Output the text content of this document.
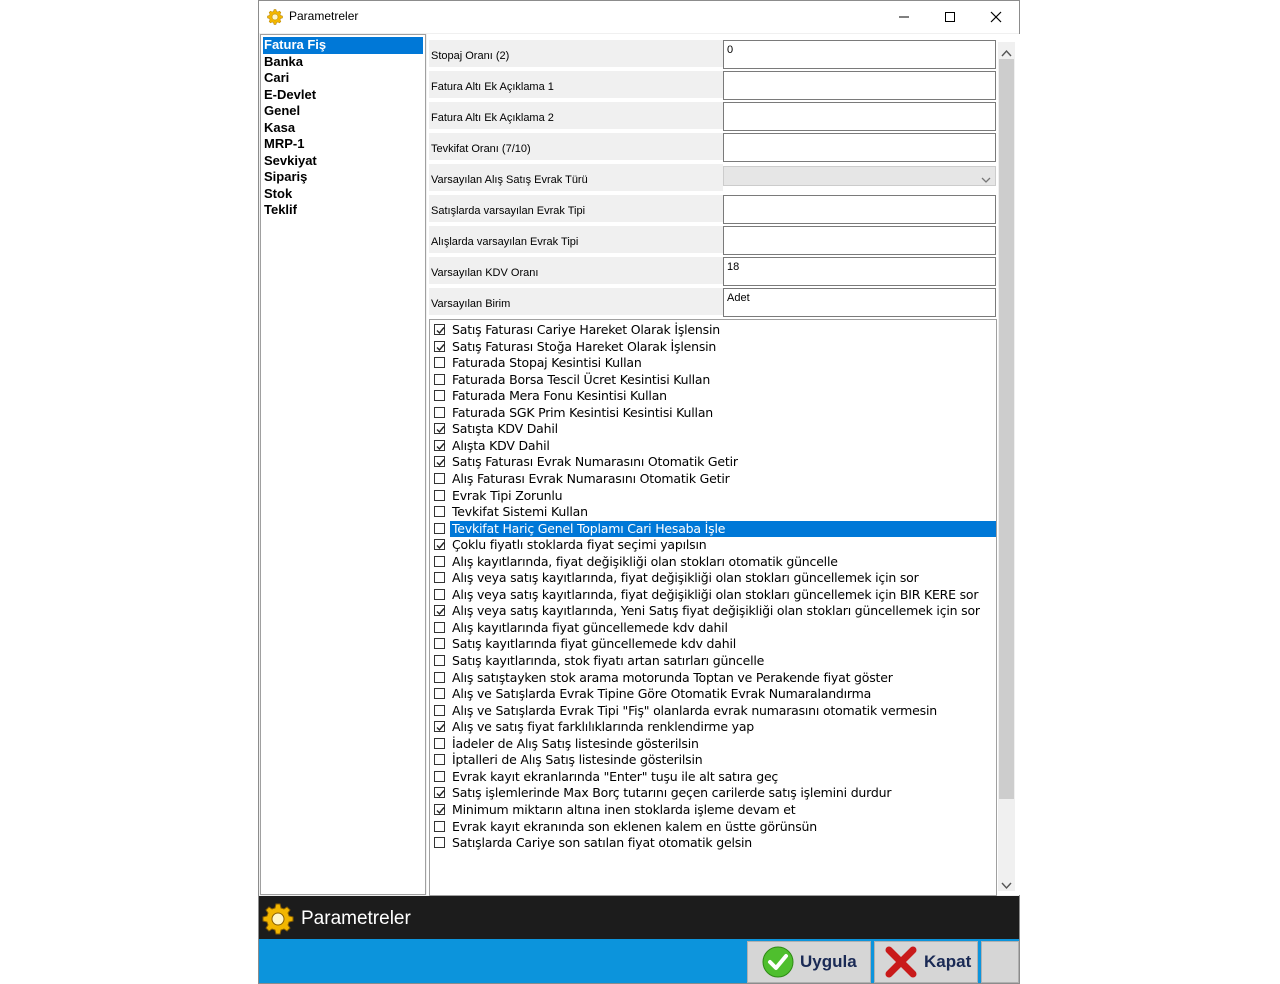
Parametreler
Fatura Fiş
Banka
Cari
E-Devlet
Genel
Kasa
MRP-1
Sevkiyat
Sipariş
Stok
Teklif
Stopaj Oranı (2)	0
Fatura Altı Ek Açıklama 1
Fatura Altı Ek Açıklama 2
Tevkifat Oranı (7/10)
Varsayılan Alış Satış Evrak Türü
Satışlarda varsayılan Evrak Tipi
Alışlarda varsayılan Evrak Tipi
Varsayılan KDV Oranı	18
Varsayılan Birim	Adet
Satış Faturası Cariye Hareket Olarak İşlensin
Satış Faturası Stoğa Hareket Olarak İşlensin
Faturada Stopaj Kesintisi Kullan
Faturada Borsa Tescil Ücret Kesintisi Kullan
Faturada Mera Fonu Kesintisi Kullan
Faturada SGK Prim Kesintisi Kesintisi Kullan
Satışta KDV Dahil
Alışta KDV Dahil
Satış Faturası Evrak Numarasını Otomatik Getir
Alış Faturası Evrak Numarasını Otomatik Getir
Evrak Tipi Zorunlu
Tevkifat Sistemi Kullan
Tevkifat Hariç Genel Toplamı Cari Hesaba İşle
Çoklu fiyatlı stoklarda fiyat seçimi yapılsın
Alış kayıtlarında, fiyat değişikliği olan stokları otomatik güncelle
Alış veya satış kayıtlarında, fiyat değişikliği olan stokları güncellemek için sor
Alış veya satış kayıtlarında, fiyat değişikliği olan stokları güncellemek için BIR KERE sor
Alış veya satış kayıtlarında, Yeni Satış fiyat değişikliği olan stokları güncellemek için sor
Alış kayıtlarında fiyat güncellemede kdv dahil
Satış kayıtlarında fiyat güncellemede kdv dahil
Satış kayıtlarında, stok fiyatı artan satırları güncelle
Alış satıştayken stok arama motorunda Toptan ve Perakende fiyat göster
Alış ve Satışlarda Evrak Tipine Göre Otomatik Evrak Numaralandırma
Alış ve Satışlarda Evrak Tipi "Fiş" olanlarda evrak numarasını otomatik vermesin
Alış ve satış fiyat farklılıklarında renklendirme yap
İadeler de Alış Satış listesinde gösterilsin
İptalleri de Alış Satış listesinde gösterilsin
Evrak kayıt ekranlarında "Enter" tuşu ile alt satıra geç
Satış işlemlerinde Max Borç tutarını geçen carilerde satış işlemini durdur
Minimum miktarın altına inen stoklarda işleme devam et
Evrak kayıt ekranında son eklenen kalem en üstte görünsün
Satışlarda Cariye son satılan fiyat otomatik gelsin
Parametreler
Uygula	Kapat
